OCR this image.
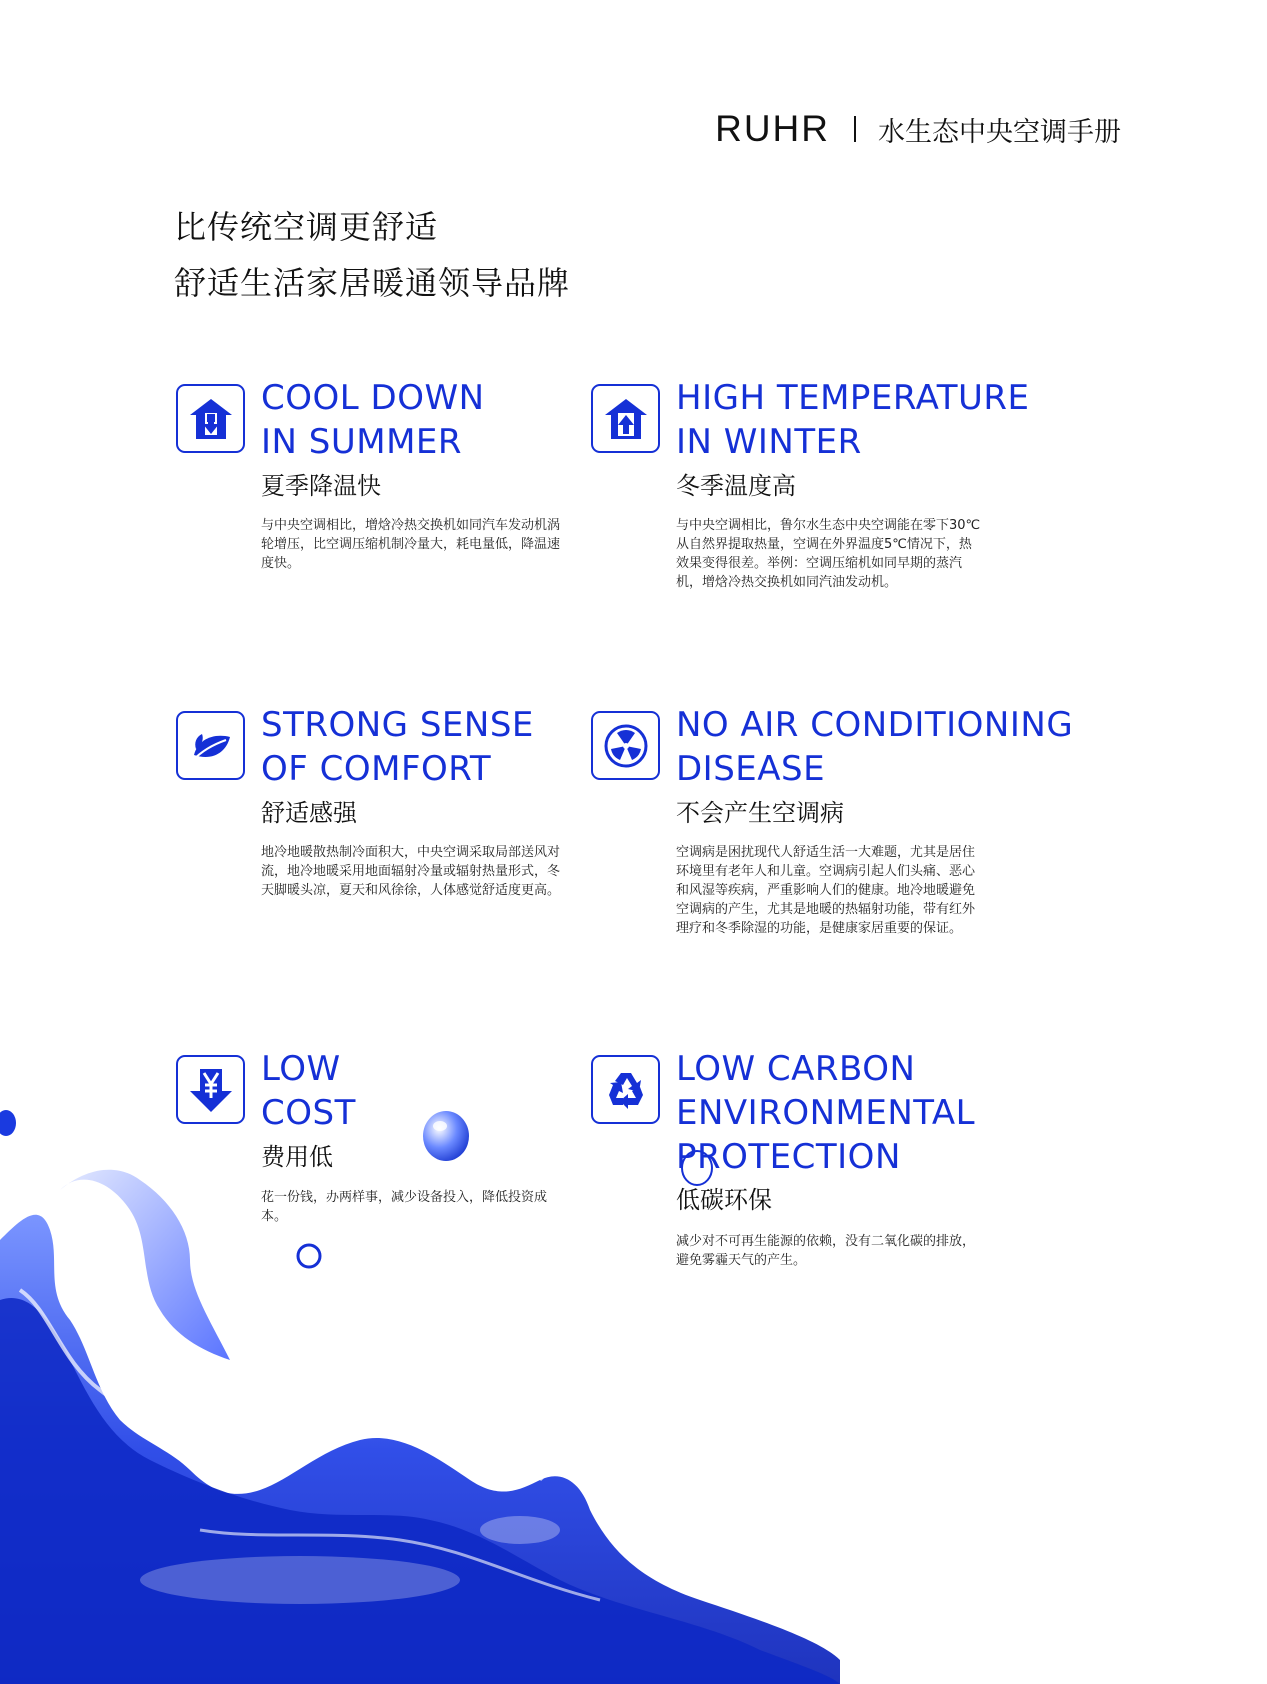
RUHR 水生态中央空调手册
比传统空调更舒适
舒适生活家居暖通领导品牌
COOL DOWN
IN SUMMER
夏季降温快
与中央空调相比，增焓冷热交换机如同汽车发动机涡轮增压，比空调压缩机制冷量大，耗电量低，降温速度快。
HIGH TEMPERATURE
IN WINTER
冬季温度高
与中央空调相比，鲁尔水生态中央空调能在零下30℃从自然界提取热量，空调在外界温度5℃情况下，热效果变得很差。举例：空调压缩机如同早期的蒸汽机，增焓冷热交换机如同汽油发动机。
STRONG SENSE
OF COMFORT
舒适感强
地冷地暖散热制冷面积大，中央空调采取局部送风对流，地冷地暖采用地面辐射冷量或辐射热量形式，冬天脚暖头凉，夏天和风徐徐，人体感觉舒适度更高。
NO AIR CONDITIONING
DISEASE
不会产生空调病
空调病是困扰现代人舒适生活一大难题，尤其是居住环境里有老年人和儿童。空调病引起人们头痛、恶心和风湿等疾病，严重影响人们的健康。地冷地暖避免空调病的产生，尤其是地暖的热辐射功能，带有红外理疗和冬季除湿的功能，是健康家居重要的保证。
LOW
COST
费用低
花一份钱，办两样事，减少设备投入，降低投资成本。
LOW CARBON
ENVIRONMENTAL
PROTECTION
低碳环保
减少对不可再生能源的依赖，没有二氧化碳的排放，避免雾霾天气的产生。
